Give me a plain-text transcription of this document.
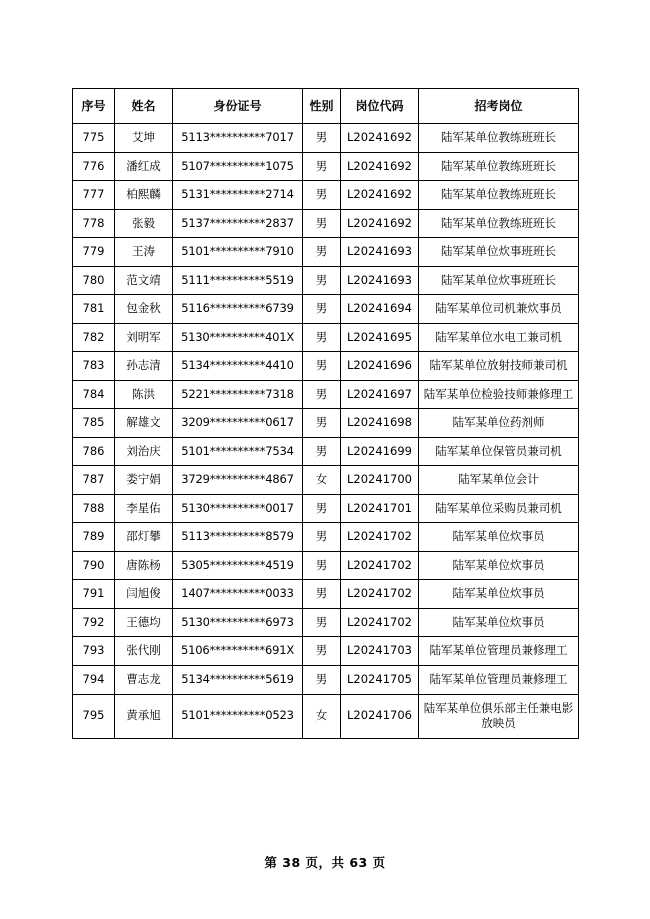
序号	姓名	身份证号	性别	岗位代码	招考岗位
775	艾坤	5113**********7017	男	L20241692	陆军某单位教练班班长
776	潘红成	5107**********1075	男	L20241692	陆军某单位教练班班长
777	柏熙麟	5131**********2714	男	L20241692	陆军某单位教练班班长
778	张毅	5137**********2837	男	L20241692	陆军某单位教练班班长
779	王涛	5101**********7910	男	L20241693	陆军某单位炊事班班长
780	范文靖	5111**********5519	男	L20241693	陆军某单位炊事班班长
781	包金秋	5116**********6739	男	L20241694	陆军某单位司机兼炊事员
782	刘明军	5130**********401X	男	L20241695	陆军某单位水电工兼司机
783	孙志清	5134**********4410	男	L20241696	陆军某单位放射技师兼司机
784	陈洪	5221**********7318	男	L20241697	陆军某单位检验技师兼修理工
785	解雄文	3209**********0617	男	L20241698	陆军某单位药剂师
786	刘治庆	5101**********7534	男	L20241699	陆军某单位保管员兼司机
787	娄宁娟	3729**********4867	女	L20241700	陆军某单位会计
788	李星佑	5130**********0017	男	L20241701	陆军某单位采购员兼司机
789	邵灯攀	5113**********8579	男	L20241702	陆军某单位炊事员
790	唐陈杨	5305**********4519	男	L20241702	陆军某单位炊事员
791	闫旭俊	1407**********0033	男	L20241702	陆军某单位炊事员
792	王德均	5130**********6973	男	L20241702	陆军某单位炊事员
793	张代刚	5106**********691X	男	L20241703	陆军某单位管理员兼修理工
794	曹志龙	5134**********5619	男	L20241705	陆军某单位管理员兼修理工
795	黄承旭	5101**********0523	女	L20241706	陆军某单位俱乐部主任兼电影放映员
第 38 页，共 63 页
